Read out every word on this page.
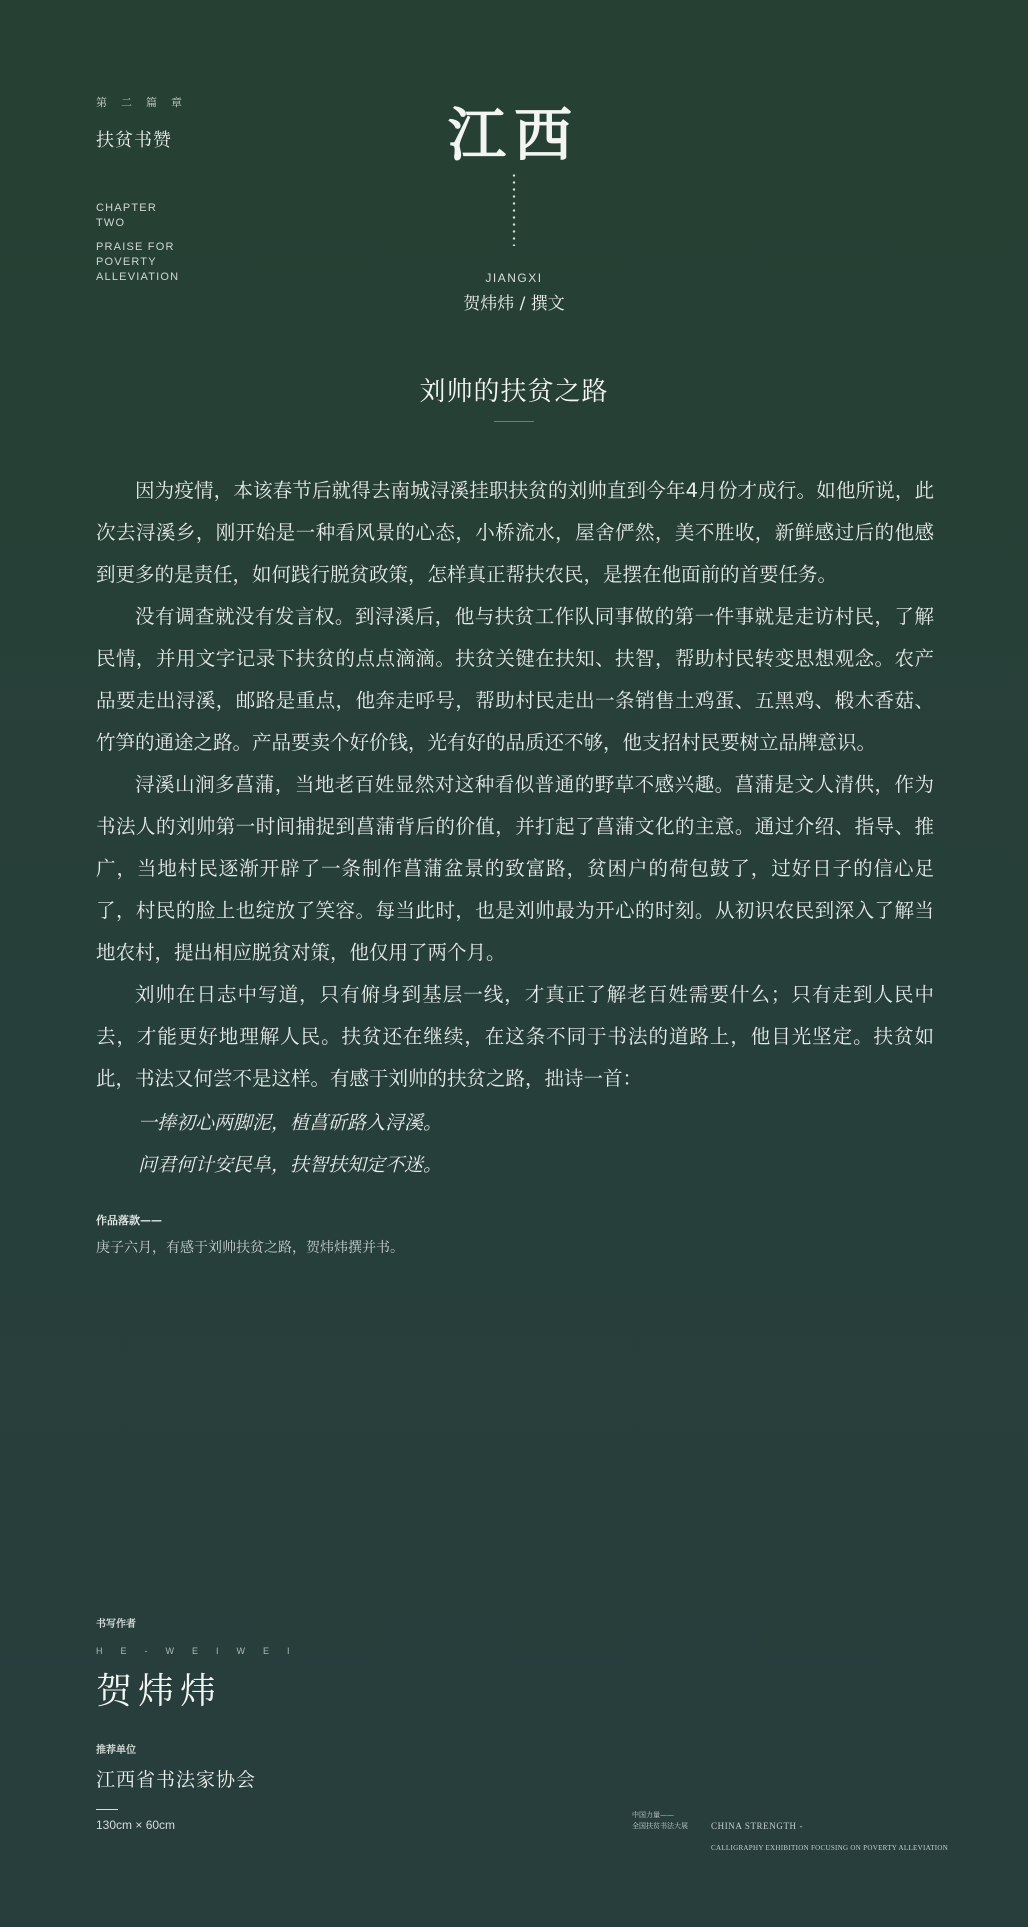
第二篇章
扶贫书赞
CHAPTER
TWO
PRAISE FOR
POVERTY
ALLEVIATION
江西
JIANGXI
贺炜炜 / 撰文
刘帅的扶贫之路

因为疫情，本该春节后就得去南城浔溪挂职扶贫的刘帅直到今年4月份才成行。如他所说，此次去浔溪乡，刚开始是一种看风景的心态，小桥流水，屋舍俨然，美不胜收，新鲜感过后的他感到更多的是责任，如何践行脱贫政策，怎样真正帮扶农民，是摆在他面前的首要任务。

没有调查就没有发言权。到浔溪后，他与扶贫工作队同事做的第一件事就是走访村民，了解民情，并用文字记录下扶贫的点点滴滴。扶贫关键在扶知、扶智，帮助村民转变思想观念。农产品要走出浔溪，邮路是重点，他奔走呼号，帮助村民走出一条销售土鸡蛋、五黑鸡、椴木香菇、竹笋的通途之路。产品要卖个好价钱，光有好的品质还不够，他支招村民要树立品牌意识。

浔溪山涧多菖蒲，当地老百姓显然对这种看似普通的野草不感兴趣。菖蒲是文人清供，作为书法人的刘帅第一时间捕捉到菖蒲背后的价值，并打起了菖蒲文化的主意。通过介绍、指导、推广，当地村民逐渐开辟了一条制作菖蒲盆景的致富路，贫困户的荷包鼓了，过好日子的信心足了，村民的脸上也绽放了笑容。每当此时，也是刘帅最为开心的时刻。从初识农民到深入了解当地农村，提出相应脱贫对策，他仅用了两个月。

刘帅在日志中写道，只有俯身到基层一线，才真正了解老百姓需要什么；只有走到人民中去，才能更好地理解人民。扶贫还在继续，在这条不同于书法的道路上，他目光坚定。扶贫如此，书法又何尝不是这样。有感于刘帅的扶贫之路，拙诗一首：

一捧初心两脚泥，植菖斫路入浔溪。
问君何计安民阜，扶智扶知定不迷。
作品落款——
庚子六月，有感于刘帅扶贫之路，贺炜炜撰并书。
书写作者
HE-WEIWEI
贺炜炜
推荐单位
江西省书法家协会
130cm × 60cm
中国力量——
全国扶贫书法大展	CHINA STRENGTH -

CALLIGRAPHY EXHIBITION FOCUSING ON POVERTY ALLEVIATION
